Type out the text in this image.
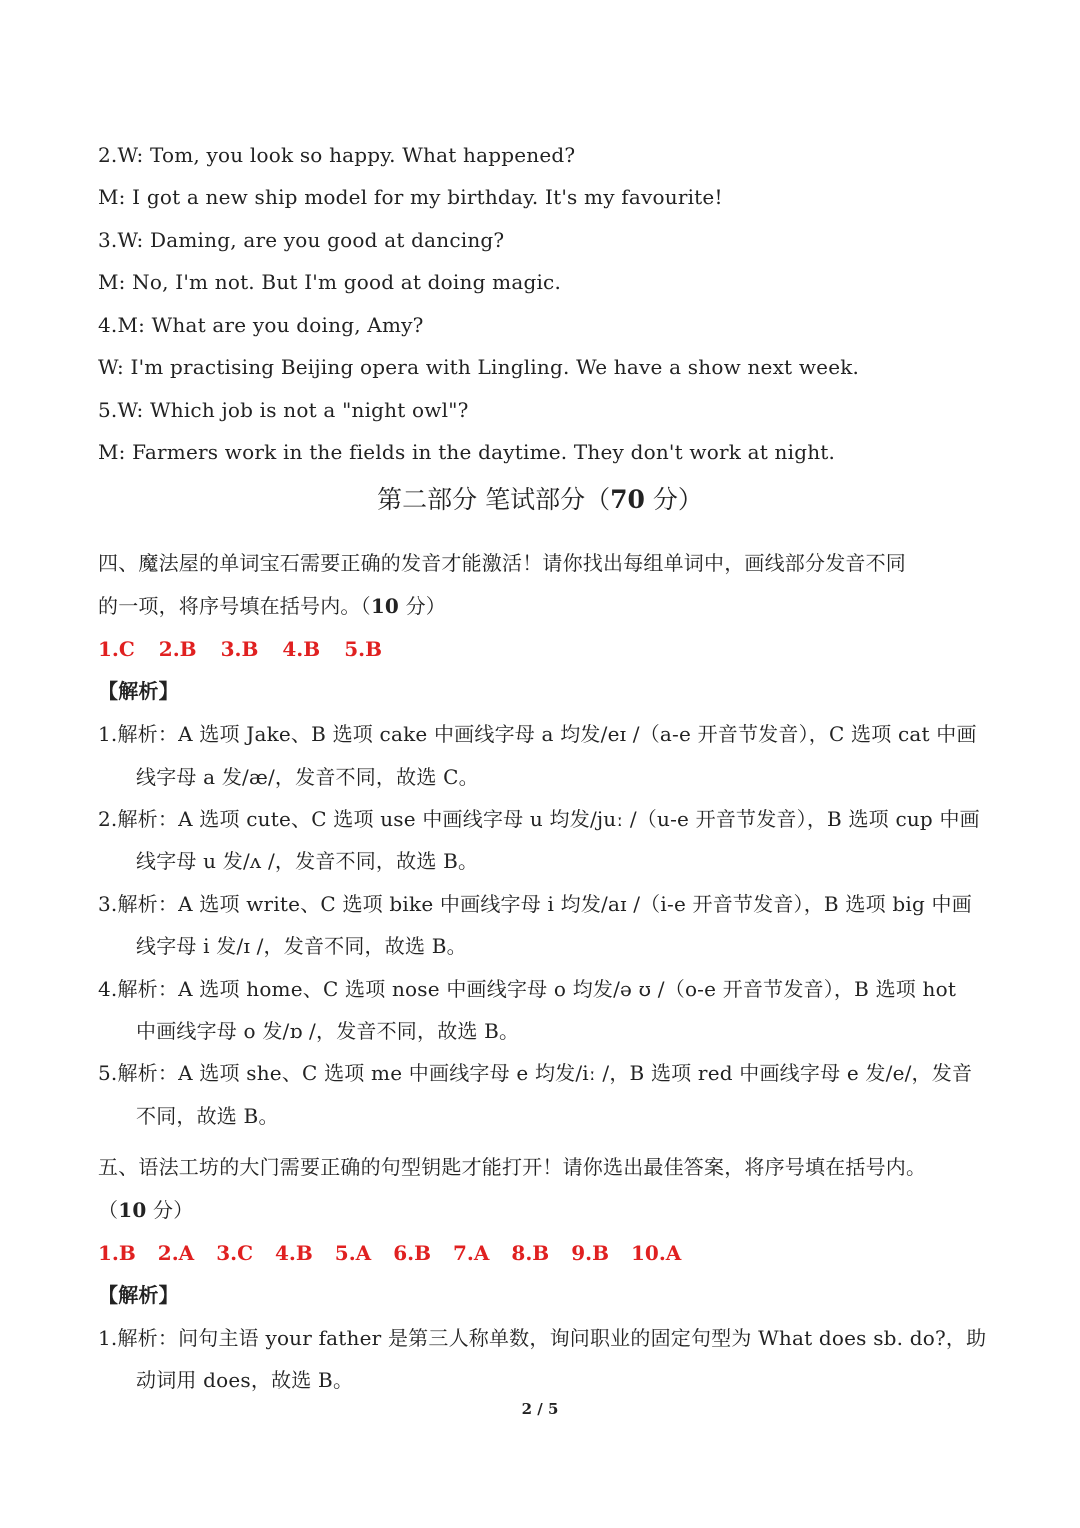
2.W: Tom, you look so happy. What happened?
M: I got a new ship model for my birthday. It's my favourite!
3.W: Daming, are you good at dancing?
M: No, I'm not. But I'm good at doing magic.
4.M: What are you doing, Amy?
W: I'm practising Beijing opera with Lingling. We have a show next week.
5.W: Which job is not a "night owl"?
M: Farmers work in the fields in the daytime. They don't work at night.
第二部分 笔试部分（70 分）
四、魔法屋的单词宝石需要正确的发音才能激活！请你找出每组单词中，画线部分发音不同
的一项，将序号填在括号内。（10 分）
1.C 2.B 3.B 4.B 5.B
【解析】
1.解析：A 选项 Jake、B 选项 cake 中画线字母 a 均发/eɪ /（a-e 开音节发音），C 选项 cat 中画
线字母 a 发/æ/，发音不同，故选 C。
2.解析：A 选项 cute、C 选项 use 中画线字母 u 均发/juː /（u-e 开音节发音），B 选项 cup 中画
线字母 u 发/ʌ /，发音不同，故选 B。
3.解析：A 选项 write、C 选项 bike 中画线字母 i 均发/aɪ /（i-e 开音节发音），B 选项 big 中画
线字母 i 发/ɪ /，发音不同，故选 B。
4.解析：A 选项 home、C 选项 nose 中画线字母 o 均发/ə ʊ /（o-e 开音节发音），B 选项 hot
中画线字母 o 发/ɒ /，发音不同，故选 B。
5.解析：A 选项 she、C 选项 me 中画线字母 e 均发/iː /，B 选项 red 中画线字母 e 发/e/，发音
不同，故选 B。
五、语法工坊的大门需要正确的句型钥匙才能打开！请你选出最佳答案，将序号填在括号内。
（10 分）
1.B 2.A 3.C 4.B 5.A 6.B 7.A 8.B 9.B 10.A
【解析】
1.解析：问句主语 your father 是第三人称单数，询问职业的固定句型为 What does sb. do?，助
动词用 does，故选 B。
2 / 5
